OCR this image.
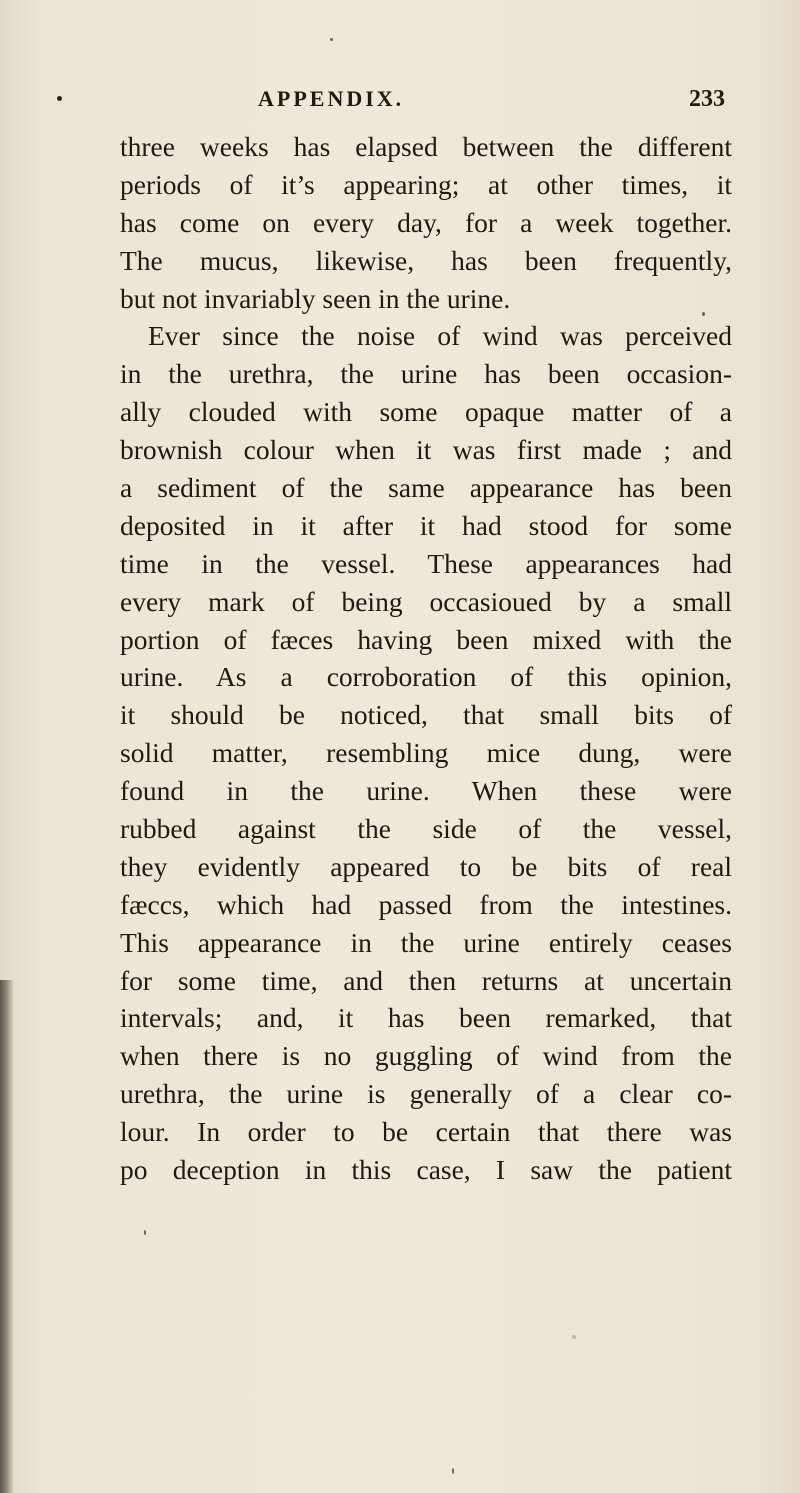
APPENDIX.	233
three weeks has elapsed between the different
periods of it’s appearing; at other times, it
has come on every day, for a week together.
The mucus, likewise, has been frequently,
but not invariably seen in the urine.
Ever since the noise of wind was perceived
in the urethra, the urine has been occasion-
ally clouded with some opaque matter of a
brownish colour when it was first made ; and
a sediment of the same appearance has been
deposited in it after it had stood for some
time in the vessel. These appearances had
every mark of being occasioued by a small
portion of fæces having been mixed with the
urine. As a corroboration of this opinion,
it should be noticed, that small bits of
solid matter, resembling mice dung, were
found in the urine. When these were
rubbed against the side of the vessel,
they evidently appeared to be bits of real
fæccs, which had passed from the intestines.
This appearance in the urine entirely ceases
for some time, and then returns at uncertain
intervals; and, it has been remarked, that
when there is no guggling of wind from the
urethra, the urine is generally of a clear co-
lour. In order to be certain that there was
po deception in this case, I saw the patient
